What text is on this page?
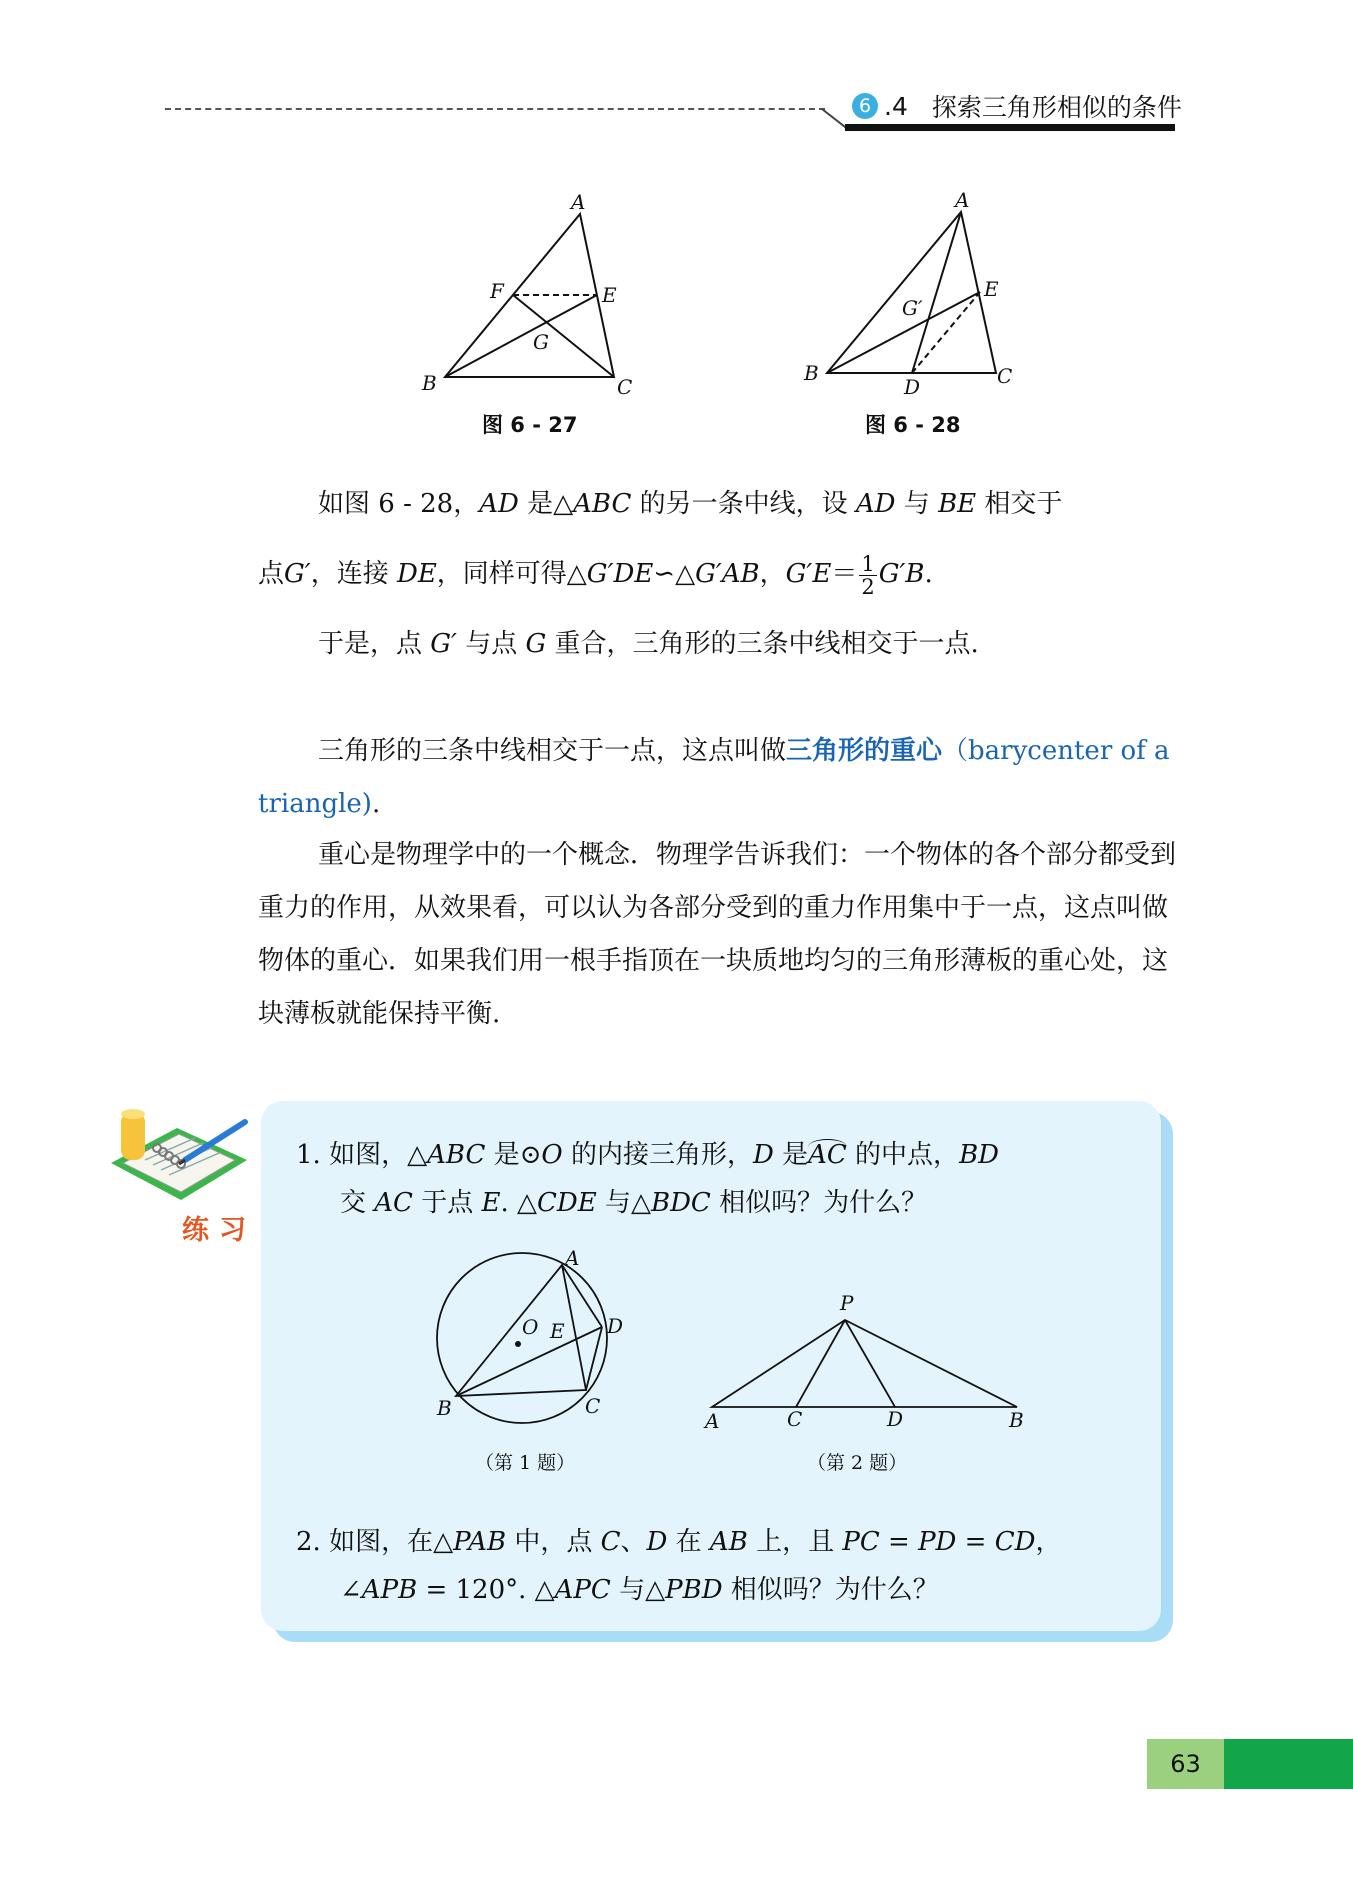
6 .4 探索三角形相似的条件
A
B	C
E
F
G
图 6 - 27
A
B	C
D
E
G′
图 6 - 28
如图 6 - 28，AD 是△ABC 的另一条中线，设 AD 与 BE 相交于
点G′，连接 DE，同样可得△G′DE∽△G′AB，$G'E= \frac{1}{2} G'B$.
于是，点 G′ 与点 G 重合，三角形的三条中线相交于一点.
三角形的三条中线相交于一点，这点叫做三角形的重心（barycenter of a triangle).
重心是物理学中的一个概念．物理学告诉我们：一个物体的各个部分都受到重力的作用，从效果看，可以认为各部分受到的重力作用集中于一点，这点叫做物体的重心．如果我们用一根手指顶在一块质地均匀的三角形薄板的重心处，这块薄板就能保持平衡.
练习
1. 如图，△ABC 是⊙O 的内接三角形，D 是AC 的中点，BD
交 AC 于点 E. △CDE 与△BDC 相似吗？为什么？
A
B	C
D
E
O
（第 1 题）
P
A	C	D	B
（第 2 题）
2. 如图，在△PAB 中，点 C、D 在 AB 上，且 PC = PD = CD，
∠APB = 120°. △APC 与△PBD 相似吗？为什么？
63
